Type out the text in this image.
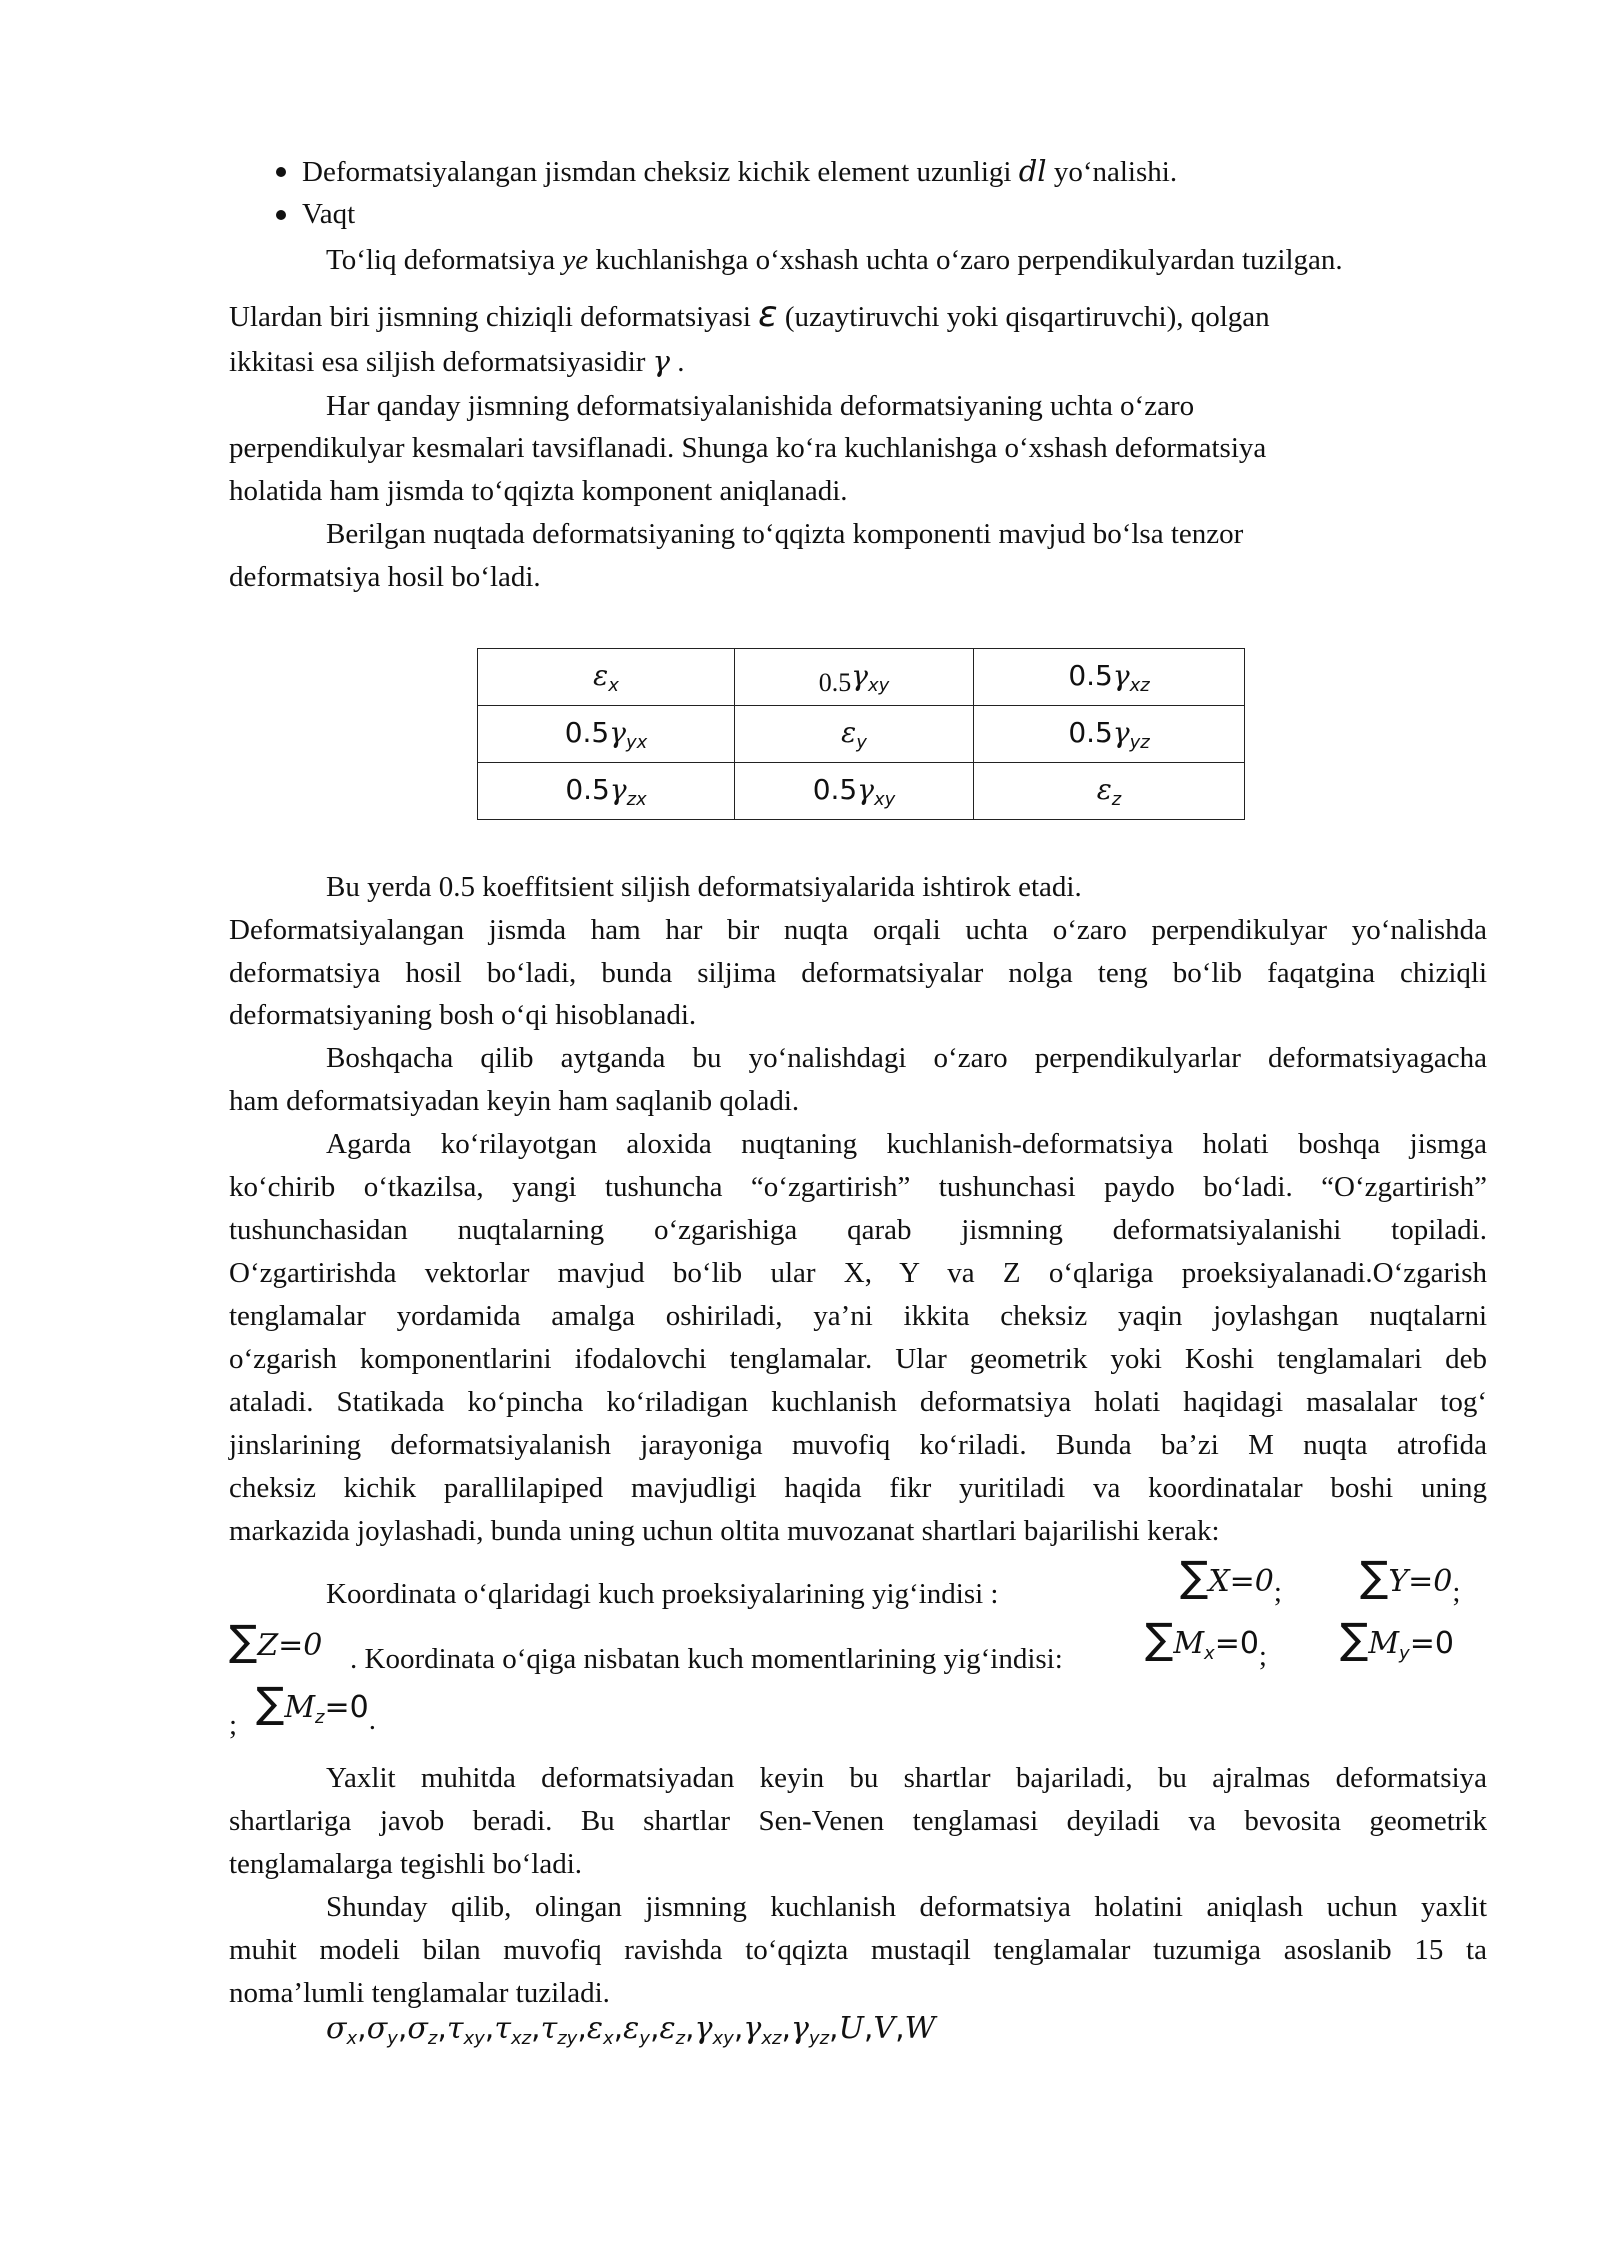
Deformatsiyalangan jismdan cheksiz kichik element uzunligi dl yo‘nalishi.
Vaqt
To‘liq deformatsiya ye kuchlanishga o‘xshash uchta o‘zaro perpendikulyardan tuzilgan.
Ulardan biri jismning chiziqli deformatsiyasi ε (uzaytiruvchi yoki qisqartiruvchi), qolgan
ikkitasi esa siljish deformatsiyasidir γ .
Har qanday jismning deformatsiyalanishida deformatsiyaning uchta o‘zaro
perpendikulyar kesmalari tavsiflanadi. Shunga ko‘ra kuchlanishga o‘xshash deformatsiya
holatida ham jismda to‘qqizta komponent aniqlanadi.
Berilgan nuqtada deformatsiyaning to‘qqizta komponenti mavjud bo‘lsa tenzor
deformatsiya hosil bo‘ladi.
$\varepsilon_x$	$0.5\gamma_{xy}$	$0.5\gamma_{xz}$
$0.5\gamma_{yx}$	$\varepsilon_y$	$0.5\gamma_{yz}$
$0.5\gamma_{zx}$	$0.5\gamma_{xy}$	$\varepsilon_z$
Bu yerda 0.5 koeffitsient siljish deformatsiyalarida ishtirok etadi.
Deformatsiyalangan jismda ham har bir nuqta orqali uchta o‘zaro perpendikulyar yo‘nalishda
deformatsiya hosil bo‘ladi, bunda siljima deformatsiyalar nolga teng bo‘lib faqatgina chiziqli
deformatsiyaning bosh o‘qi hisoblanadi.
Boshqacha qilib aytganda bu yo‘nalishdagi o‘zaro perpendikulyarlar deformatsiyagacha
ham deformatsiyadan keyin ham saqlanib qoladi.
Agarda ko‘rilayotgan aloxida nuqtaning kuchlanish-deformatsiya holati boshqa jismga
ko‘chirib o‘tkazilsa, yangi tushuncha “o‘zgartirish” tushunchasi paydo bo‘ladi. “O‘zgartirish”
tushunchasidan nuqtalarning o‘zgarishiga qarab jismning deformatsiyalanishi topiladi.
O‘zgartirishda vektorlar mavjud bo‘lib ular X, Y va Z o‘qlariga proeksiyalanadi.O‘zgarish
tenglamalar yordamida amalga oshiriladi, ya’ni ikkita cheksiz yaqin joylashgan nuqtalarni
o‘zgarish komponentlarini ifodalovchi tenglamalar. Ular geometrik yoki Koshi tenglamalari deb
ataladi. Statikada ko‘pincha ko‘riladigan kuchlanish deformatsiya holati haqidagi masalalar tog‘
jinslarining deformatsiyalanish jarayoniga muvofiq ko‘riladi. Bunda ba’zi M nuqta atrofida
cheksiz kichik parallilapiped mavjudligi haqida fikr yuritiladi va koordinatalar boshi uning
markazida joylashadi, bunda uning uchun oltita muvozanat shartlari bajarilishi kerak:
Koordinata o‘qlaridagi kuch proeksiyalarining yig‘indisi :	∑X=0; ∑Y=0;
∑Z=0 . Koordinata o‘qiga nisbatan kuch momentlarining yig‘indisi: $\sum M_x=0$; $\sum M_y=0$
; $\sum M_z=0$.
Yaxlit muhitda deformatsiyadan keyin bu shartlar bajariladi, bu ajralmas deformatsiya
shartlariga javob beradi. Bu shartlar Sen-Venen tenglamasi deyiladi va bevosita geometrik
tenglamalarga tegishli bo‘ladi.
Shunday qilib, olingan jismning kuchlanish deformatsiya holatini aniqlash uchun yaxlit
muhit modeli bilan muvofiq ravishda to‘qqizta mustaqil tenglamalar tuzumiga asoslanib 15 ta
noma’lumli tenglamalar tuziladi.
$\sigma_x,\sigma_y,\sigma_z,\tau_{xy},\tau_{xz},\tau_{zy},\varepsilon_x,\varepsilon_y,\varepsilon_z,\gamma_{xy},\gamma_{xz},\gamma_{yz},U,V,W$
